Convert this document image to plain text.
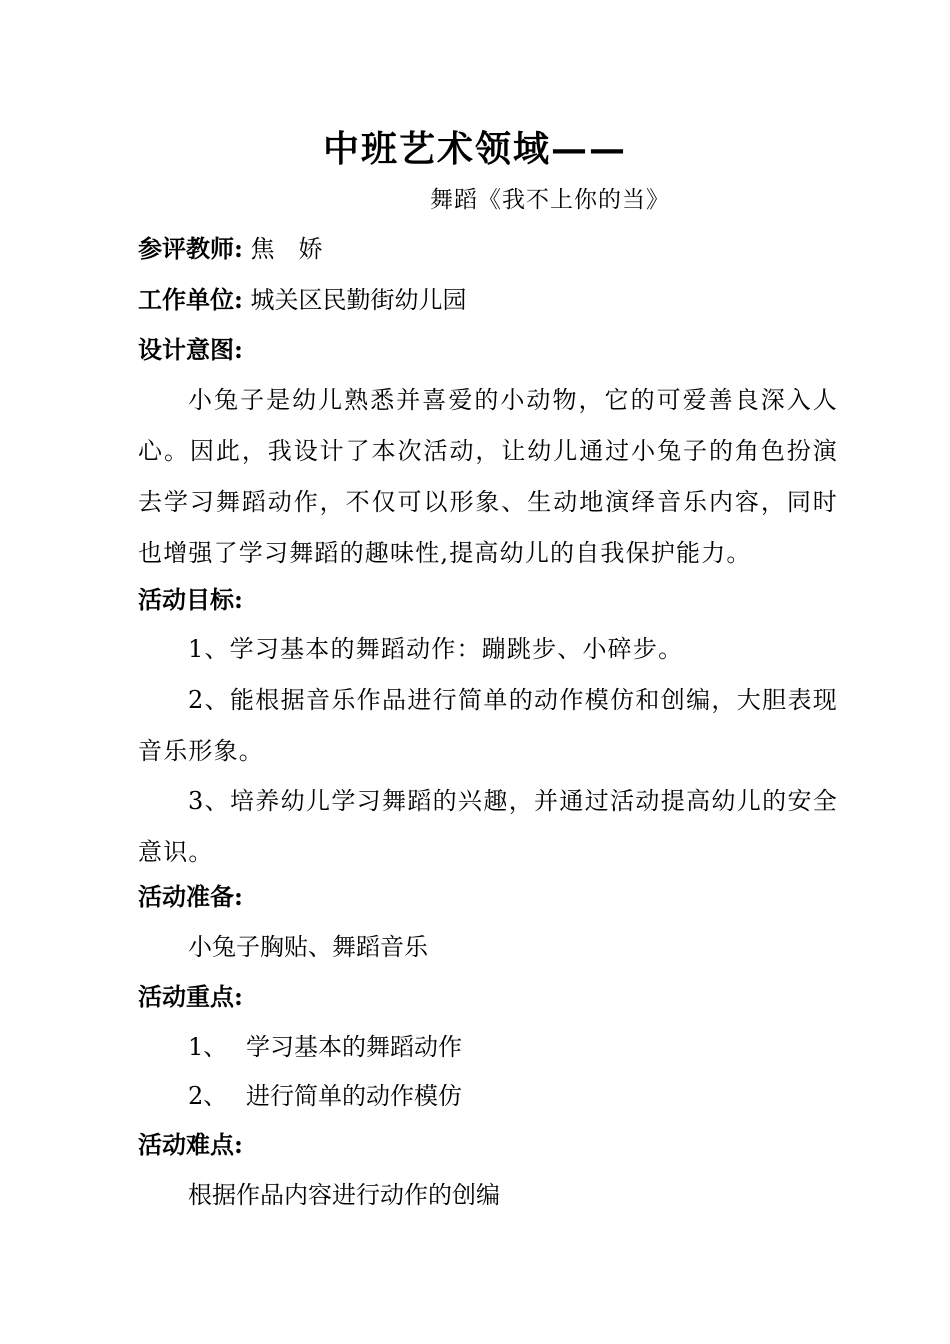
中班艺术领域——
舞蹈《我不上你的当》
参评教师: 焦　娇
工作单位: 城关区民勤街幼儿园
设计意图:
小兔子是幼儿熟悉并喜爱的小动物，它的可爱善良深入人心。因此，我设计了本次活动，让幼儿通过小兔子的角色扮演去学习舞蹈动作，不仅可以形象、生动地演绎音乐内容，同时也增强了学习舞蹈的趣味性,提高幼儿的自我保护能力。
活动目标:
1、学习基本的舞蹈动作：蹦跳步、小碎步。
2、能根据音乐作品进行简单的动作模仿和创编，大胆表现音乐形象。
3、培养幼儿学习舞蹈的兴趣，并通过活动提高幼儿的安全意识。
活动准备:
小兔子胸贴、舞蹈音乐
活动重点:
1、 学习基本的舞蹈动作
2、 进行简单的动作模仿
活动难点:
根据作品内容进行动作的创编
